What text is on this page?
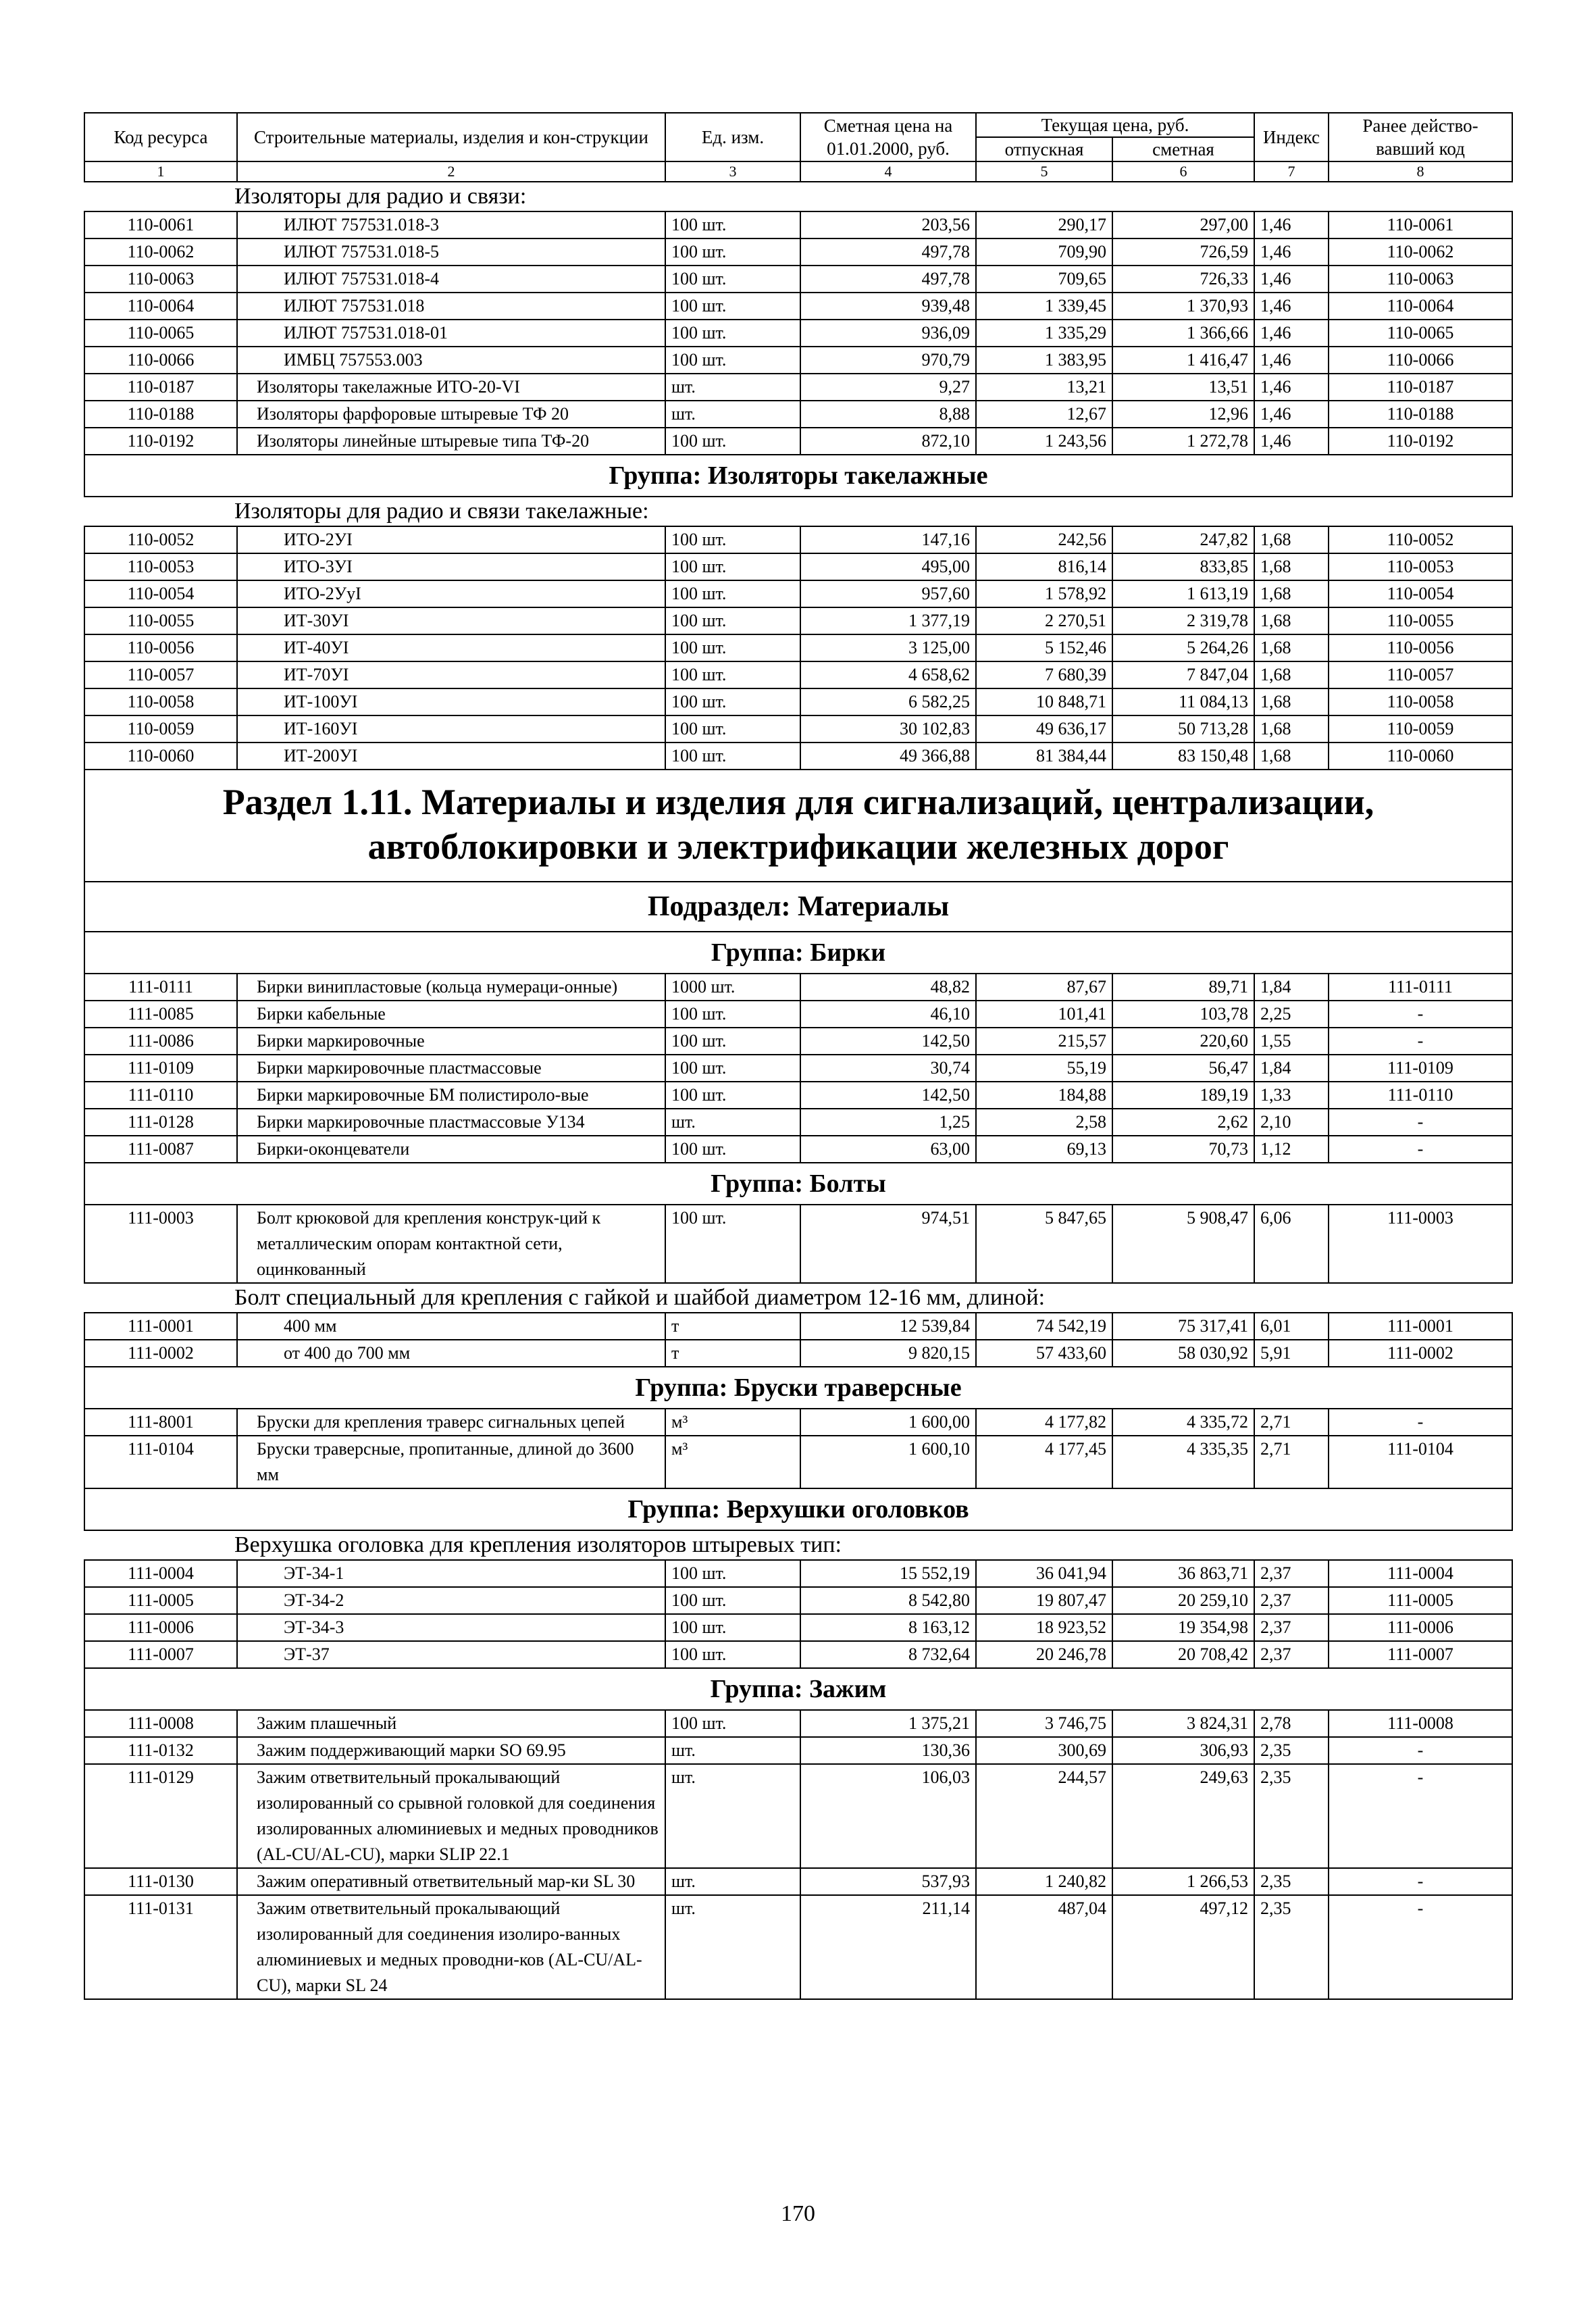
Код ресурса	Строительные материалы, изделия и кон-струкции	Ед. изм.	Сметная цена на 01.01.2000, руб.	Текущая цена, руб.		Индекс	Ранее действо-вавший код
				отпускная	сметная		
1	2	3	4	5	6	7	8
Изоляторы для радио и связи:							
110-0061	ИЛЮТ 757531.018-3	100 шт.	203,56	290,17	297,00	1,46	110-0061
110-0062	ИЛЮТ 757531.018-5	100 шт.	497,78	709,90	726,59	1,46	110-0062
110-0063	ИЛЮТ 757531.018-4	100 шт.	497,78	709,65	726,33	1,46	110-0063
110-0064	ИЛЮТ 757531.018	100 шт.	939,48	1 339,45	1 370,93	1,46	110-0064
110-0065	ИЛЮТ 757531.018-01	100 шт.	936,09	1 335,29	1 366,66	1,46	110-0065
110-0066	ИМБЦ 757553.003	100 шт.	970,79	1 383,95	1 416,47	1,46	110-0066
110-0187	Изоляторы такелажные ИТО-20-VI	шт.	9,27	13,21	13,51	1,46	110-0187
110-0188	Изоляторы фарфоровые штыревые ТФ 20	шт.	8,88	12,67	12,96	1,46	110-0188
110-0192	Изоляторы линейные штыревые типа ТФ-20	100 шт.	872,10	1 243,56	1 272,78	1,46	110-0192
Группа: Изоляторы такелажные							
Изоляторы для радио и связи такелажные:							
110-0052	ИТО-2УI	100 шт.	147,16	242,56	247,82	1,68	110-0052
110-0053	ИТО-3УI	100 шт.	495,00	816,14	833,85	1,68	110-0053
110-0054	ИТО-2УуI	100 шт.	957,60	1 578,92	1 613,19	1,68	110-0054
110-0055	ИТ-30УI	100 шт.	1 377,19	2 270,51	2 319,78	1,68	110-0055
110-0056	ИТ-40УI	100 шт.	3 125,00	5 152,46	5 264,26	1,68	110-0056
110-0057	ИТ-70УI	100 шт.	4 658,62	7 680,39	7 847,04	1,68	110-0057
110-0058	ИТ-100УI	100 шт.	6 582,25	10 848,71	11 084,13	1,68	110-0058
110-0059	ИТ-160УI	100 шт.	30 102,83	49 636,17	50 713,28	1,68	110-0059
110-0060	ИТ-200УI	100 шт.	49 366,88	81 384,44	83 150,48	1,68	110-0060
Раздел 1.11. Материалы и изделия для сигнализаций, централизации, автоблокировки и электрификации железных дорог							
Подраздел: Материалы							
Группа: Бирки							
111-0111	Бирки винипластовые (кольца нумераци-онные)	1000 шт.	48,82	87,67	89,71	1,84	111-0111
111-0085	Бирки кабельные	100 шт.	46,10	101,41	103,78	2,25	-
111-0086	Бирки маркировочные	100 шт.	142,50	215,57	220,60	1,55	-
111-0109	Бирки маркировочные пластмассовые	100 шт.	30,74	55,19	56,47	1,84	111-0109
111-0110	Бирки маркировочные БМ полистироло-вые	100 шт.	142,50	184,88	189,19	1,33	111-0110
111-0128	Бирки маркировочные пластмассовые У134	шт.	1,25	2,58	2,62	2,10	-
111-0087	Бирки-оконцеватели	100 шт.	63,00	69,13	70,73	1,12	-
Группа: Болты							
111-0003	Болт крюковой для крепления конструк-ций к металлическим опорам контактной сети, оцинкованный	100 шт.	974,51	5 847,65	5 908,47	6,06	111-0003
Болт специальный для крепления с гайкой и шайбой диаметром 12-16 мм, длиной:							
111-0001	400 мм	т	12 539,84	74 542,19	75 317,41	6,01	111-0001
111-0002	от 400 до 700 мм	т	9 820,15	57 433,60	58 030,92	5,91	111-0002
Группа: Бруски траверсные							
111-8001	Бруски для крепления траверс сигнальных цепей	м³	1 600,00	4 177,82	4 335,72	2,71	-
111-0104	Бруски траверсные, пропитанные, длиной до 3600 мм	м³	1 600,10	4 177,45	4 335,35	2,71	111-0104
Группа: Верхушки оголовков							
Верхушка оголовка для крепления изоляторов штыревых тип:							
111-0004	ЭТ-34-1	100 шт.	15 552,19	36 041,94	36 863,71	2,37	111-0004
111-0005	ЭТ-34-2	100 шт.	8 542,80	19 807,47	20 259,10	2,37	111-0005
111-0006	ЭТ-34-3	100 шт.	8 163,12	18 923,52	19 354,98	2,37	111-0006
111-0007	ЭТ-37	100 шт.	8 732,64	20 246,78	20 708,42	2,37	111-0007
Группа: Зажим							
111-0008	Зажим плашечный	100 шт.	1 375,21	3 746,75	3 824,31	2,78	111-0008
111-0132	Зажим поддерживающий марки SO 69.95	шт.	130,36	300,69	306,93	2,35	-
111-0129	Зажим ответвительный прокалывающий изолированный со срывной головкой для соединения изолированных алюминиевых и медных проводников (AL-CU/AL-CU), марки SLIP 22.1	шт.	106,03	244,57	249,63	2,35	-
111-0130	Зажим оперативный ответвительный мар-ки SL 30	шт.	537,93	1 240,82	1 266,53	2,35	-
111-0131	Зажим ответвительный прокалывающий изолированный для соединения изолиро-ванных алюминиевых и медных проводни-ков (AL-CU/AL-CU), марки SL 24	шт.	211,14	487,04	497,12	2,35	-
170
